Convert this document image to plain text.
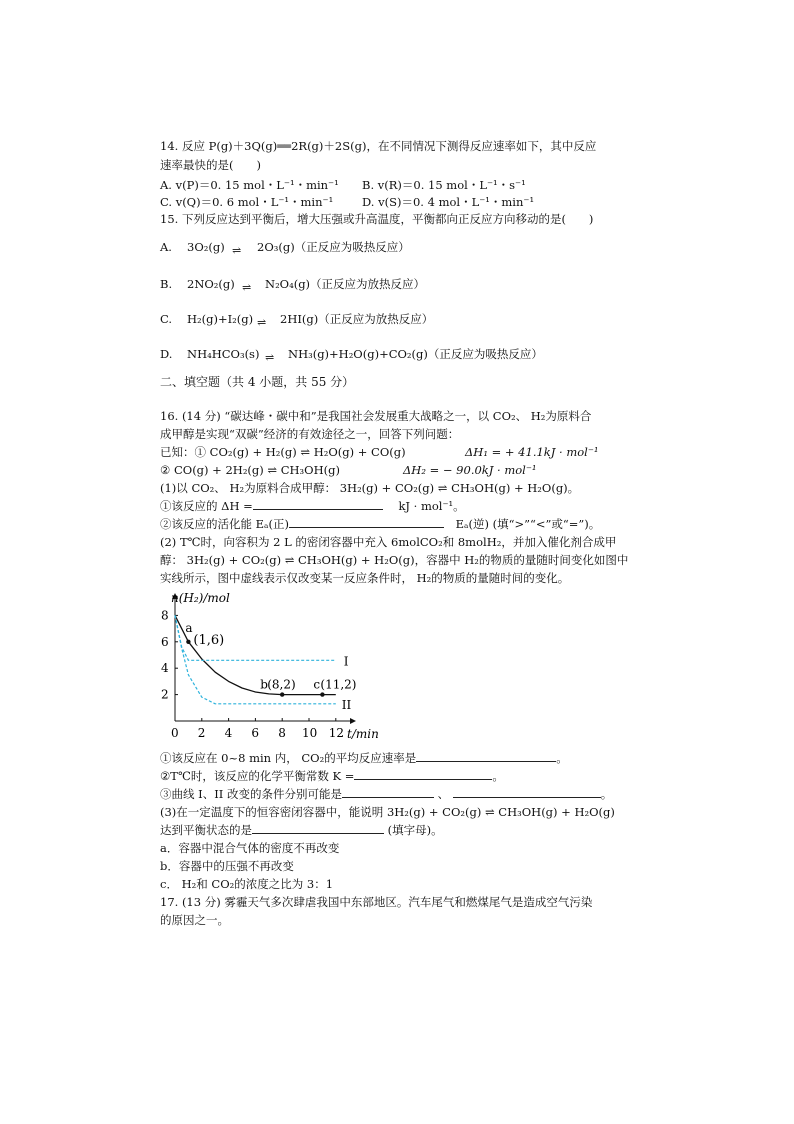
14. 反应 P(g)＋3Q(g)══2R(g)＋2S(g)，在不同情况下测得反应速率如下，其中反应
速率最快的是(　　)
A. v(P)＝0. 15 mol・L⁻¹・min⁻¹ B. v(R)＝0. 15 mol・L⁻¹・s⁻¹
C. v(Q)＝0. 6 mol・L⁻¹・min⁻¹	D. v(S)＝0. 4 mol・L⁻¹・min⁻¹
15. 下列反应达到平衡后，增大压强或升高温度，平衡都向正反应方向移动的是(　　)
A. 3O₂(g) ⇌ 2O₃(g)（正反应为吸热反应）
B. 2NO₂(g) ⇌ N₂O₄(g)（正反应为放热反应）
C. H₂(g)+I₂(g) ⇌ 2HI(g)（正反应为放热反应）
D. NH₄HCO₃(s) ⇌ NH₃(g)+H₂O(g)+CO₂(g)（正反应为吸热反应）
二、填空题（共 4 小题，共 55 分）
16. (14 分) “碳达峰・碳中和”是我国社会发展重大战略之一，以 CO₂、 H₂为原料合
成甲醇是实现“双碳”经济的有效途径之一，回答下列问题：
已知：① CO₂(g) + H₂(g) ⇌ H₂O(g) + CO(g)	ΔH₁ = + 41.1kJ · mol⁻¹
② CO(g) + 2H₂(g) ⇌ CH₃OH(g)	ΔH₂ = − 90.0kJ · mol⁻¹
(1)以 CO₂、 H₂为原料合成甲醇： 3H₂(g) + CO₂(g) ⇌ CH₃OH(g) + H₂O(g)。
①该反应的 ΔH =	kJ · mol⁻¹。
②该反应的活化能 Eₐ(正)	Eₐ(逆) (填“>”“<”或“=”)。
(2) T℃时，向容积为 2 L 的密闭容器中充入 6molCO₂和 8molH₂，并加入催化剂合成甲
醇： 3H₂(g) + CO₂(g) ⇌ CH₃OH(g) + H₂O(g)，容器中 H₂的物质的量随时间变化如图中
实线所示，图中虚线表示仅改变某一反应条件时， H₂的物质的量随时间的变化。
n(H₂)/mol
t/min
0 2 4 6 8 10 12
2
4
6
8
a
(1,6)
b (8,2) c (11,2)
I
II
①该反应在 0~8 min 内， CO₂的平均反应速率是	。
②T℃时，该反应的化学平衡常数 K =	。
③曲线 I、II 改变的条件分别可能是	、	。
(3)在一定温度下的恒容密闭容器中，能说明 3H₂(g) + CO₂(g) ⇌ CH₃OH(g) + H₂O(g)
达到平衡状态的是	(填字母)。
a．容器中混合气体的密度不再改变
b．容器中的压强不再改变
c． H₂和 CO₂的浓度之比为 3：1
17. (13 分) 雾霾天气多次肆虐我国中东部地区。汽车尾气和燃煤尾气是造成空气污染
的原因之一。
